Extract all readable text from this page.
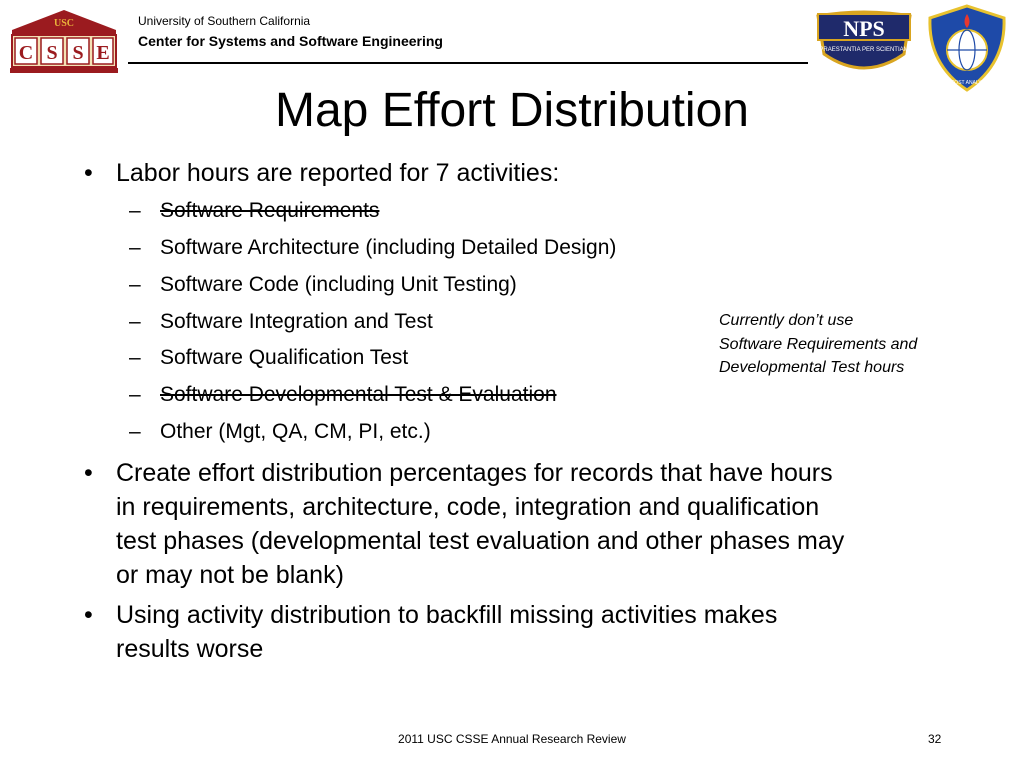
USC
C S S E
University of Southern California
Center for Systems and Software Engineering	NPS
PRAESTANTIA PER SCIENTIAM
AIR FORCE COST ANALYSIS AGENCY
Map Effort Distribution
• Labor hours are reported for 7 activities:
– Software Requirements
– Software Architecture (including Detailed Design)
– Software Code (including Unit Testing)
– Software Integration and Test
– Software Qualification Test
– Software Developmental Test & Evaluation
– Other (Mgt, QA, CM, PI, etc.)
Currently don’t use
Software Requirements and
Developmental Test hours
• Create effort distribution percentages for records that have hours
in requirements, architecture, code, integration and qualification
test phases (developmental test evaluation and other phases may
or may not be blank)
• Using activity distribution to backfill missing activities makes
results worse
2011 USC CSSE Annual Research Review	32
